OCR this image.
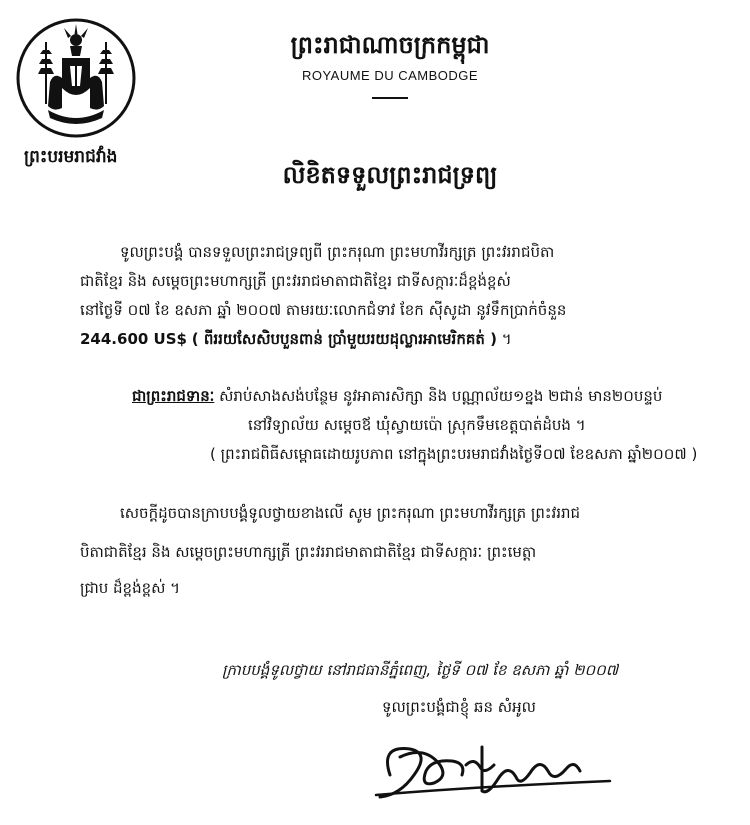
ព្រះបរមរាជវាំង
ព្រះរាជាណាចក្រកម្ពុជា
ROYAUME DU CAMBODGE
លិខិតទទួលព្រះរាជទ្រព្យ
ទូលព្រះបង្គំ បានទទួលព្រះរាជទ្រព្យពី ព្រះករុណា ព្រះមហាវីរក្សត្រ ព្រះវររាជបិតា
ជាតិខ្មែរ និង សម្តេចព្រះមហាក្សត្រី ព្រះវររាជមាតាជាតិខ្មែរ ជាទីសក្ការៈដ៏ខ្ពង់ខ្ពស់
នៅថ្ងៃទី ០៧ ខែ ឧសភា ឆ្នាំ ២០០៧ តាមរយៈលោកជំទាវ ខែក ស៊ីសូដា នូវទឹកប្រាក់ចំនួន
244.600 US$ ( ពីររយសែសិបបួនពាន់ ប្រាំមួយរយដុល្លារអាមេរិកគត់ ) ។
ជាព្រះរាជទានៈ សំរាប់សាងសង់បន្ថែម នូវអាគារសិក្សា និង បណ្ណាល័យ១ខ្នង ២ជាន់ មាន២០បន្ទប់
នៅវិទ្យាល័យ សម្តេចឪ ឃុំស្វាយប៉ោ ស្រុកទឹមខេត្តបាត់ដំបង ។
( ព្រះរាជពិធីសម្ពោធដោយរូបភាព នៅក្នុងព្រះបរមរាជវាំងថ្ងៃទី០៧ ខែឧសភា ឆ្នាំ២០០៧ )
សេចក្តីដូចបានក្រាបបង្គំទូលថ្វាយខាងលើ សូម ព្រះករុណា ព្រះមហាវីរក្សត្រ ព្រះវររាជ
បិតាជាតិខ្មែរ និង សម្តេចព្រះមហាក្សត្រី ព្រះវររាជមាតាជាតិខ្មែរ ជាទីសក្ការៈ ព្រះមេត្តា
ជ្រាប ដ៏ខ្ពង់ខ្ពស់ ។
ក្រាបបង្គំទូលថ្វាយ នៅរាជធានីភ្នំពេញ, ថ្ងៃទី ០៧ ខែ ឧសភា ឆ្នាំ ២០០៧
ទូលព្រះបង្គំជាខ្ញុំ ឆន សំអូល
